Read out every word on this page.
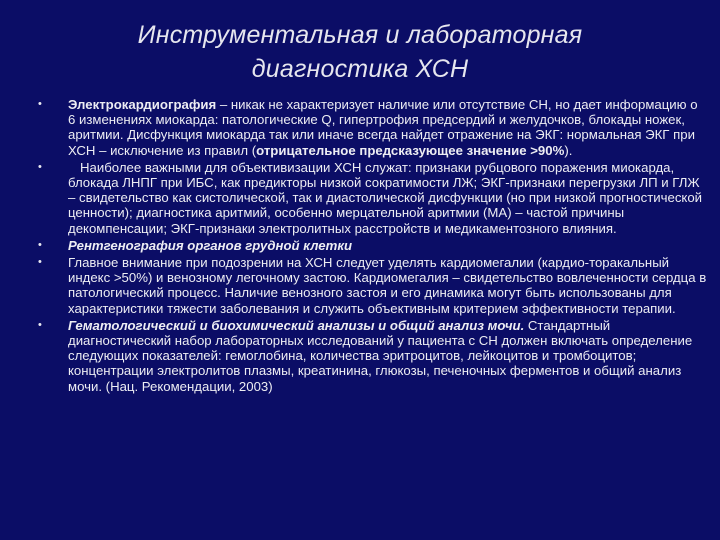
Инструментальная и лабораторная
диагностика ХСН
• Электрокардиография – никак не характеризует наличие или отсутствие СН, но дает информацию о 6 изменениях миокарда: патологические Q, гипертрофия предсердий и желудочков, блокады ножек, аритмии. Дисфункция миокарда так или иначе всегда найдет отражение на ЭКГ: нормальная ЭКГ при ХСН – исключение из правил (отрицательное предсказующее значение >90%).
•	Наиболее важными для объективизации ХСН служат: признаки рубцового поражения миокарда, блокада ЛНПГ при ИБС, как предикторы низкой сократимости ЛЖ; ЭКГ-признаки перегрузки ЛП и ГЛЖ – свидетельство как систолической, так и диастолической дисфункции (но при низкой прогностической ценности); диагностика аритмий, особенно мерцательной аритмии (МА) – частой причины декомпенсации; ЭКГ-признаки электролитных расстройств и медикаментозного влияния.
• Рентгенография органов грудной клетки
• Главное внимание при подозрении на ХСН следует уделять кардиомегалии (кардио-торакальный индекс >50%) и венозному легочному застою. Кардиомегалия – свидетельство вовлеченности сердца в патологический процесс. Наличие венозного застоя и его динамика могут быть использованы для характеристики тяжести заболевания и служить объективным критерием эффективности терапии.
• Гематологический и биохимический анализы и общий анализ мочи. Стандартный диагностический набор лабораторных исследований у пациента с СН должен включать определение следующих показателей: гемоглобина, количества эритроцитов, лейкоцитов и тромбоцитов; концентрации электролитов плазмы, креатинина, глюкозы, печеночных ферментов и общий анализ мочи. (Нац. Рекомендации, 2003)
